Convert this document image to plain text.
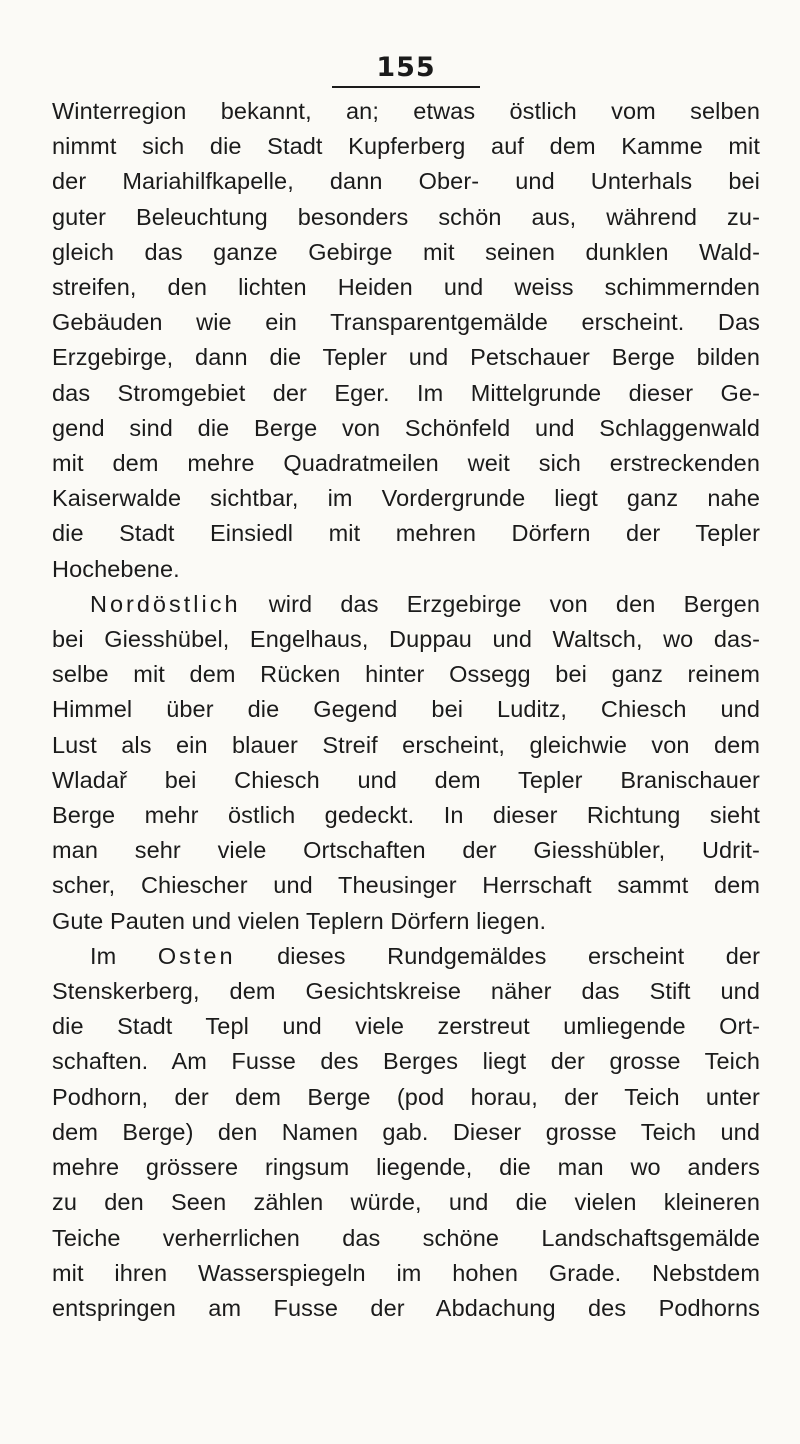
155
Winterregion bekannt, an; etwas östlich vom selben
nimmt sich die Stadt Kupferberg auf dem Kamme mit
der Mariahilfkapelle, dann Ober- und Unterhals bei
guter Beleuchtung besonders schön aus, während zu-
gleich das ganze Gebirge mit seinen dunklen Wald-
streifen, den lichten Heiden und weiss schimmernden
Gebäuden wie ein Transparentgemälde erscheint. Das
Erzgebirge, dann die Tepler und Petschauer Berge bilden
das Stromgebiet der Eger. Im Mittelgrunde dieser Ge-
gend sind die Berge von Schönfeld und Schlaggenwald
mit dem mehre Quadratmeilen weit sich erstreckenden
Kaiserwalde sichtbar, im Vordergrunde liegt ganz nahe
die Stadt Einsiedl mit mehren Dörfern der Tepler
Hochebene.
Nordöstlich wird das Erzgebirge von den Bergen
bei Giesshübel, Engelhaus, Duppau und Waltsch, wo das-
selbe mit dem Rücken hinter Ossegg bei ganz reinem
Himmel über die Gegend bei Luditz, Chiesch und
Lust als ein blauer Streif erscheint, gleichwie von dem
Wladař bei Chiesch und dem Tepler Branischauer
Berge mehr östlich gedeckt. In dieser Richtung sieht
man sehr viele Ortschaften der Giesshübler, Udrit-
scher, Chiescher und Theusinger Herrschaft sammt dem
Gute Pauten und vielen Teplern Dörfern liegen.
Im Osten dieses Rundgemäldes erscheint der
Stenskerberg, dem Gesichtskreise näher das Stift und
die Stadt Tepl und viele zerstreut umliegende Ort-
schaften. Am Fusse des Berges liegt der grosse Teich
Podhorn, der dem Berge (pod horau, der Teich unter
dem Berge) den Namen gab. Dieser grosse Teich und
mehre grössere ringsum liegende, die man wo anders
zu den Seen zählen würde, und die vielen kleineren
Teiche verherrlichen das schöne Landschaftsgemälde
mit ihren Wasserspiegeln im hohen Grade. Nebstdem
entspringen am Fusse der Abdachung des Podhorns
